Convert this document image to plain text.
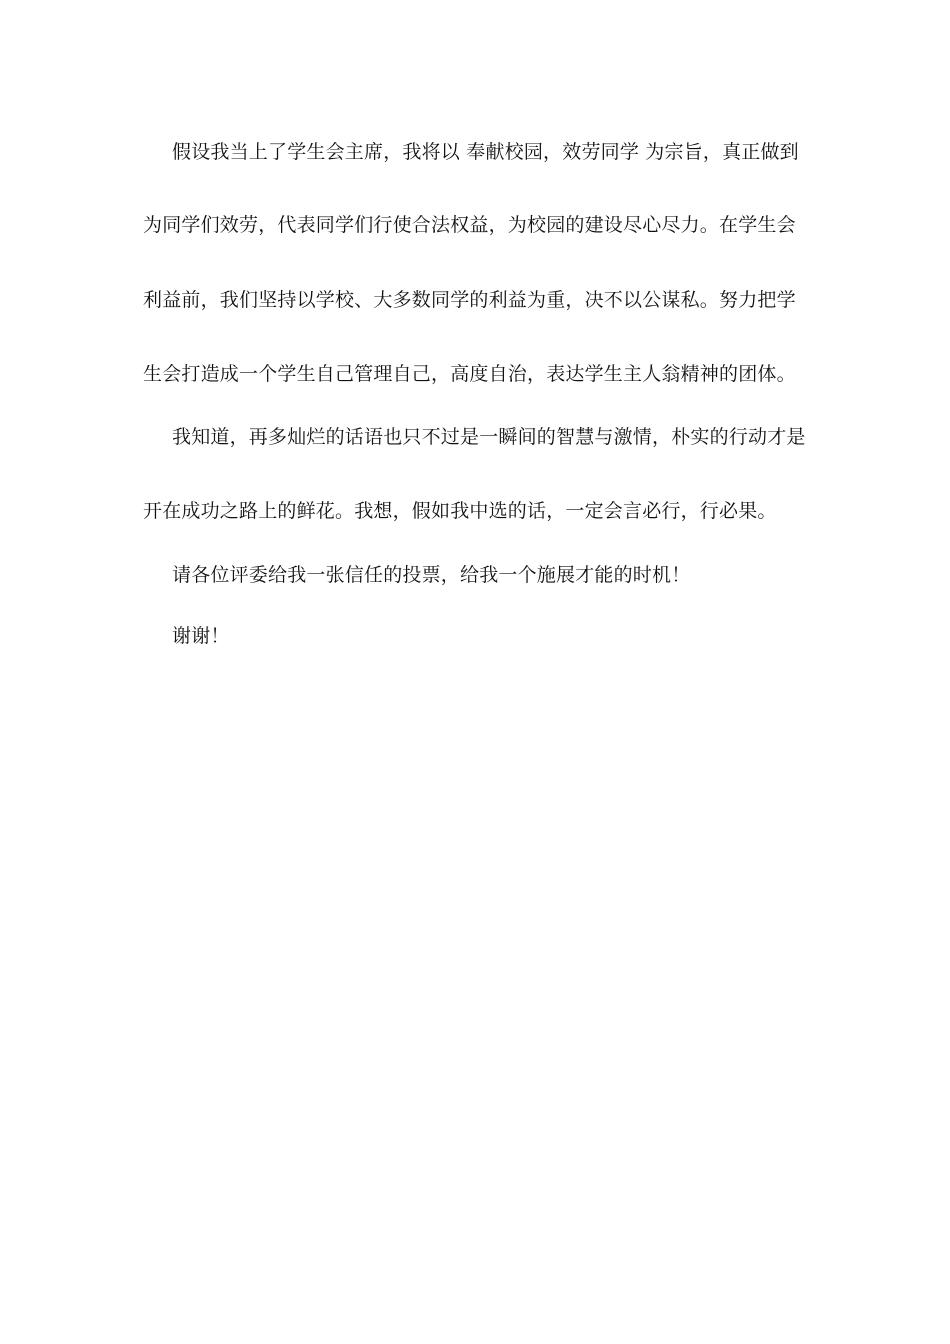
假设我当上了学生会主席，我将以 奉献校园，效劳同学 为宗旨，真正做到
为同学们效劳，代表同学们行使合法权益，为校园的建设尽心尽力。在学生会
利益前，我们坚持以学校、大多数同学的利益为重，决不以公谋私。努力把学
生会打造成一个学生自己管理自己，高度自治，表达学生主人翁精神的团体。
我知道，再多灿烂的话语也只不过是一瞬间的智慧与激情，朴实的行动才是
开在成功之路上的鲜花。我想，假如我中选的话，一定会言必行，行必果。
请各位评委给我一张信任的投票，给我一个施展才能的时机！
谢谢！
